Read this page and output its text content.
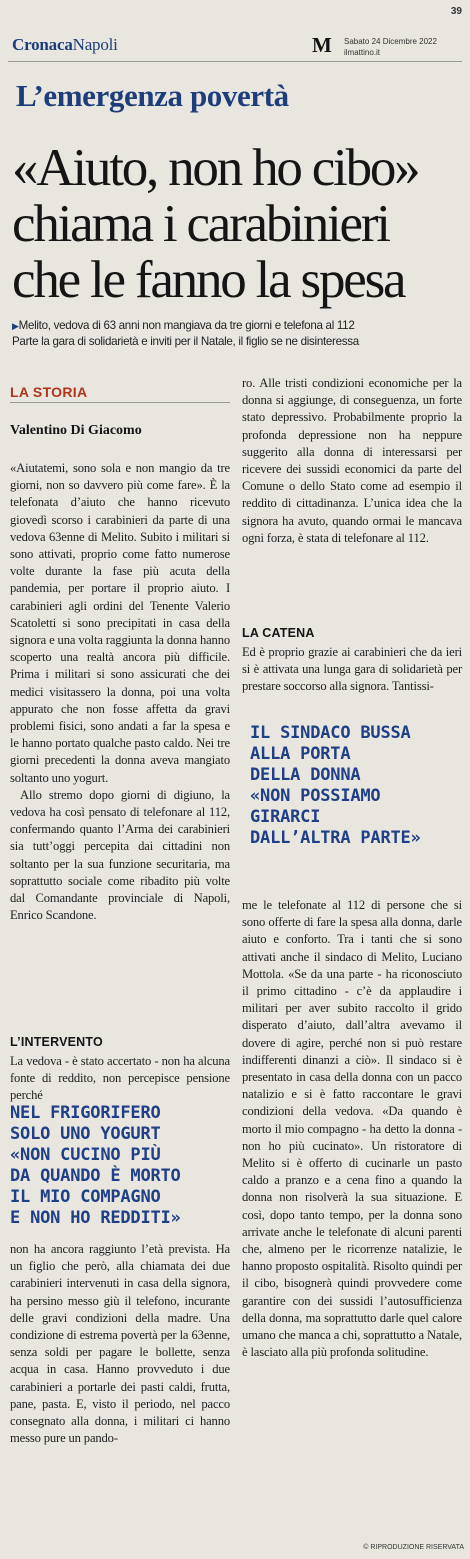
39
CronacaNapoli	M Sabato 24 Dicembre 2022
ilmattino.it
L’emergenza povertà
«Aiuto, non ho cibo»
chiama i carabinieri
che le fanno la spesa
▶Melito, vedova di 63 anni non mangiava da tre giorni e telefona al 112
Parte la gara di solidarietà e inviti per il Natale, il figlio se ne disinteressa
LA STORIA
Valentino Di Giacomo

«Aiutatemi, sono sola e non mangio da tre giorni, non so davvero più come fare». È la telefonata d’aiuto che hanno ricevuto giovedì scorso i carabinieri da parte di una vedova 63enne di Melito. Subito i militari si sono attivati, proprio come fatto numerose volte durante la fase più acuta della pandemia, per portare il proprio aiuto. I carabinieri agli ordini del Tenente Valerio Scatoletti si sono precipitati in casa della signora e una volta raggiunta la donna hanno scoperto una realtà ancora più difficile. Prima i militari si sono assicurati che dei medici visitassero la donna, poi una volta appurato che non fosse affetta da gravi problemi fisici, sono andati a far la spesa e le hanno portato qualche pasto caldo. Nei tre giorni precedenti la donna aveva mangiato soltanto uno yogurt.

Allo stremo dopo giorni di digiuno, la vedova ha così pensato di telefonare al 112, confermando quanto l’Arma dei carabinieri sia tutt’oggi percepita dai cittadini non soltanto per la sua funzione securitaria, ma soprattutto sociale come ribadito più volte dal Comandante provinciale di Napoli, Enrico Scandone.

L’INTERVENTO

La vedova - è stato accertato - non ha alcuna fonte di reddito, non percepisce pensione perché

NEL FRIGORIFERO
SOLO UNO YOGURT
«NON CUCINO PIÙ
DA QUANDO È MORTO
IL MIO COMPAGNO
E NON HO REDDITI»

non ha ancora raggiunto l’età prevista. Ha un figlio che però, alla chiamata dei due carabinieri intervenuti in casa della signora, ha persino messo giù il telefono, incurante delle gravi condizioni della madre. Una condizione di estrema povertà per la 63enne, senza soldi per pagare le bollette, senza acqua in casa. Hanno provveduto i due carabinieri a portarle dei pasti caldi, frutta, pane, pasta. E, visto il periodo, nel pacco consegnato alla donna, i militari ci hanno messo pure un pando-

ro. Alle tristi condizioni economiche per la donna si aggiunge, di conseguenza, un forte stato depressivo. Probabilmente proprio la profonda depressione non ha neppure suggerito alla donna di interessarsi per ricevere dei sussidi economici da parte del Comune o dello Stato come ad esempio il reddito di cittadinanza. L’unica idea che la signora ha avuto, quando ormai le mancava ogni forza, è stata di telefonare al 112.

LA CATENA

Ed è proprio grazie ai carabinieri che da ieri si è attivata una lunga gara di solidarietà per prestare soccorso alla signora. Tantissi-

IL SINDACO BUSSA
ALLA PORTA
DELLA DONNA
«NON POSSIAMO
GIRARCI
DALL’ALTRA PARTE»

me le telefonate al 112 di persone che si sono offerte di fare la spesa alla donna, darle aiuto e conforto. Tra i tanti che si sono attivati anche il sindaco di Melito, Luciano Mottola. «Se da una parte - ha riconosciuto il primo cittadino - c’è da applaudire i militari per aver subito raccolto il grido disperato d’aiuto, dall’altra avevamo il dovere di agire, perché non si può restare indifferenti dinanzi a ciò». Il sindaco si è presentato in casa della donna con un pacco natalizio e si è fatto raccontare le gravi condizioni della vedova. «Da quando è morto il mio compagno - ha detto la donna - non ho più cucinato». Un ristoratore di Melito si è offerto di cucinarle un pasto caldo a pranzo e a cena fino a quando la donna non risolverà la sua situazione. E così, dopo tanto tempo, per la donna sono arrivate anche le telefonate di alcuni parenti che, almeno per le ricorrenze natalizie, le hanno proposto ospitalità. Risolto quindi per il cibo, bisognerà quindi provvedere come garantire con dei sussidi l’autosufficienza della donna, ma soprattutto darle quel calore umano che manca a chi, soprattutto a Natale, è lasciato alla più profonda solitudine.

© RIPRODUZIONE RISERVATA
